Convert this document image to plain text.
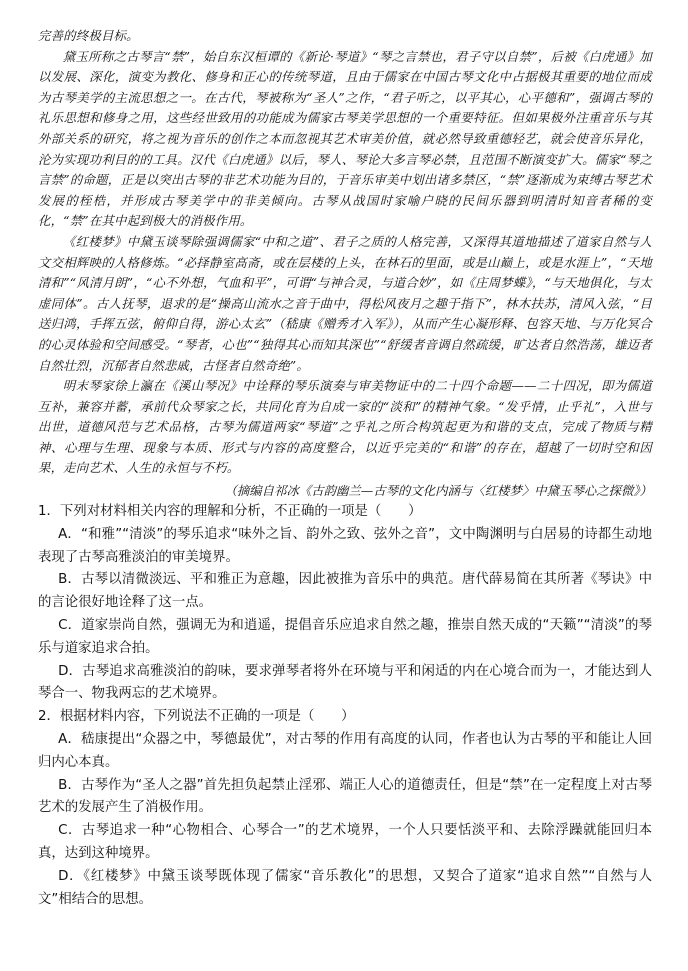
完善的终极目标。

黛玉所称之古琴言“禁”，始自东汉桓谭的《新论·琴道》“琴之言禁也，君子守以自禁”，后被《白虎通》加以发展、深化，演变为教化、修身和正心的传统琴道，且由于儒家在中国古琴文化中占据极其重要的地位而成为古琴美学的主流思想之一。在古代，琴被称为“圣人”之作，“君子听之，以平其心，心平德和”，强调古琴的礼乐思想和修身之用，这些经世致用的功能成为儒家古琴美学思想的一个重要特征。但如果极外注重音乐与其外部关系的研究，将之视为音乐的创作之本而忽视其艺术审美价值，就必然导致重德轻艺，就会使音乐异化，沦为实现功利目的的工具。汉代《白虎通》以后，琴人、琴论大多言琴必禁，且范围不断演变扩大。儒家“琴之言禁”的命题，正是以突出古琴的非艺术功能为目的，于音乐审美中划出诸多禁区，“禁”逐渐成为束缚古琴艺术发展的桎梏，并形成古琴美学中的非美倾向。古琴从战国时家喻户晓的民间乐器到明清时知音者稀的变化，“禁”在其中起到极大的消极作用。

《红楼梦》中黛玉谈琴除强调儒家“中和之道”、君子之质的人格完善，又深得其道地描述了道家自然与人文交相辉映的人格修炼。“必择静室高斋，或在层楼的上头，在林石的里面，或是山巅上，或是水涯上”，“天地清和”“风清月朗”，“心不外想，气血和平”，可谓“与神合灵，与道合妙”，如《庄周梦蝶》，“与天地俱化，与太虚同体”。古人抚琴，退求的是“操高山流水之音于曲中，得松风夜月之趣于指下”，林木扶苏，清风入弦，“目送归鸿，手挥五弦，俯仰自得，游心太玄”（嵇康《赠秀才入军》），从而产生心凝形释、包容天地、与万化冥合的心灵体验和空间感受。“琴者，心也”“独得其心而知其深也”“舒缓者音调自然疏缓，旷达者自然浩荡，雄迈者自然壮烈，沉郁者自然悲戚，古怪者自然奇绝”。

明末琴家徐上瀛在《溪山琴况》中诠释的琴乐演奏与审美物证中的二十四个命题——二十四况，即为儒道互补，兼容并蓄，承前代众琴家之长，共同化育为自成一家的“淡和”的精神气象。“发乎情，止乎礼”，入世与出世，道德风范与艺术品格，古琴为儒道两家“琴道”之乎礼之所合构筑起更为和谐的支点，完成了物质与精神、心理与生理、现象与本质、形式与内容的高度整合，以近乎完美的“和谐”的存在，超越了一切时空和因果，走向艺术、人生的永恒与不朽。

（摘编自祁冰《古韵幽兰—古琴的文化内涵与〈红楼梦〉中黛玉琴心之探微》）

1．下列对材料相关内容的理解和分析，不正确的一项是（　　）

A．“和雅”“清淡”的琴乐追求“味外之旨、韵外之致、弦外之音”，文中陶渊明与白居易的诗都生动地表现了古琴高雅淡泊的审美境界。

B．古琴以清微淡远、平和雅正为意趣，因此被推为音乐中的典范。唐代薛易简在其所著《琴诀》中的言论很好地诠释了这一点。

C．道家崇尚自然，强调无为和逍遥，提倡音乐应追求自然之趣，推崇自然天成的“天籁”“清淡”的琴乐与道家追求合拍。

D．古琴追求高雅淡泊的韵味，要求弹琴者将外在环境与平和闲适的内在心境合而为一，才能达到人琴合一、物我两忘的艺术境界。

2．根据材料内容，下列说法不正确的一项是（　　）

A．嵇康提出“众器之中，琴德最优”，对古琴的作用有高度的认同，作者也认为古琴的平和能让人回归内心本真。

B．古琴作为“圣人之器”首先担负起禁止淫邪、端正人心的道德责任，但是“禁”在一定程度上对古琴艺术的发展产生了消极作用。

C．古琴追求一种“心物相合、心琴合一”的艺术境界，一个人只要恬淡平和、去除浮躁就能回归本真，达到这种境界。

D．《红楼梦》中黛玉谈琴既体现了儒家“音乐教化”的思想，又契合了道家“追求自然”“自然与人文”相结合的思想。
